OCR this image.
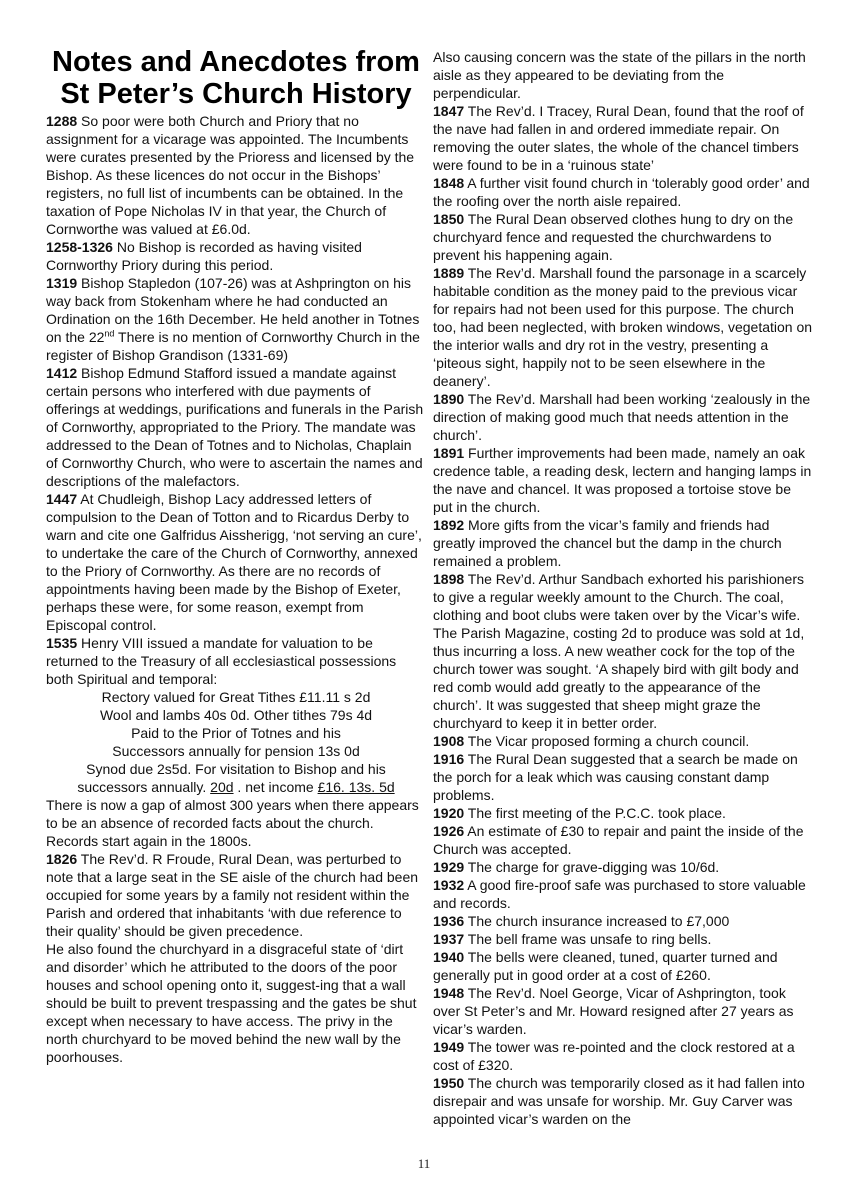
Notes and Anecdotes from
St Peter’s Church History

1288 So poor were both Church and Priory that no assignment for a vicarage was appointed. The Incumbents were curates presented by the Prioress and licensed by the Bishop. As these licences do not occur in the Bishops’ registers, no full list of incumbents can be obtained. In the taxation of Pope Nicholas IV in that year, the Church of Cornworthe was valued at £6.0d.

1258-1326 No Bishop is recorded as having visited Cornworthy Priory during this period.

1319 Bishop Stapledon (107-26) was at Ashprington on his way back from Stokenham where he had conducted an Ordination on the 16th December. He held another in Totnes on the 22nd There is no mention of Cornworthy Church in the register of Bishop Grandison (1331-69)

1412 Bishop Edmund Stafford issued a mandate against certain persons who interfered with due payments of offerings at weddings, purifications and funerals in the Parish of Cornworthy, appropriated to the Priory. The mandate was addressed to the Dean of Totnes and to Nicholas, Chaplain of Cornworthy Church, who were to ascertain the names and descriptions of the malefactors.

1447 At Chudleigh, Bishop Lacy addressed letters of compulsion to the Dean of Totton and to Ricardus Derby to warn and cite one Galfridus Aissherigg, ‘not serving an cure’, to undertake the care of the Church of Cornworthy, annexed to the Priory of Cornworthy. As there are no records of appointments having been made by the Bishop of Exeter, perhaps these were, for some reason, exempt from Episcopal control.

1535 Henry VIII issued a mandate for valuation to be returned to the Treasury of all ecclesiastical possessions both Spiritual and temporal:

Rectory valued for Great Tithes £11.11 s 2d

Wool and lambs 40s 0d. Other tithes 79s 4d

Paid to the Prior of Totnes and his

Successors annually for pension 13s 0d

Synod due 2s5d. For visitation to Bishop and his

successors annually. 20d . net income £16. 13s. 5d

There is now a gap of almost 300 years when there appears to be an absence of recorded facts about the church. Records start again in the 1800s.

1826 The Rev’d. R Froude, Rural Dean, was perturbed to note that a large seat in the SE aisle of the church had been occupied for some years by a family not resident within the Parish and ordered that inhabitants ‘with due reference to their quality’ should be given precedence.

He also found the churchyard in a disgraceful state of ‘dirt and disorder’ which he attributed to the doors of the poor houses and school opening onto it, suggest-ing that a wall should be built to prevent trespassing and the gates be shut except when necessary to have access. The privy in the north churchyard to be moved behind the new wall by the poorhouses.

Also causing concern was the state of the pillars in the north aisle as they appeared to be deviating from the perpendicular.

1847 The Rev’d. I Tracey, Rural Dean, found that the roof of the nave had fallen in and ordered immediate repair. On removing the outer slates, the whole of the chancel timbers were found to be in a ‘ruinous state’

1848 A further visit found church in ‘tolerably good order’ and the roofing over the north aisle repaired.

1850 The Rural Dean observed clothes hung to dry on the churchyard fence and requested the churchwardens to prevent his happening again.

1889 The Rev’d. Marshall found the parsonage in a scarcely habitable condition as the money paid to the previous vicar for repairs had not been used for this purpose. The church too, had been neglected, with broken windows, vegetation on the interior walls and dry rot in the vestry, presenting a ‘piteous sight, happily not to be seen elsewhere in the deanery’.

1890 The Rev’d. Marshall had been working ‘zealously in the direction of making good much that needs attention in the church’.

1891 Further improvements had been made, namely an oak credence table, a reading desk, lectern and hanging lamps in the nave and chancel. It was proposed a tortoise stove be put in the church.

1892 More gifts from the vicar’s family and friends had greatly improved the chancel but the damp in the church remained a problem.

1898 The Rev’d. Arthur Sandbach exhorted his parishioners to give a regular weekly amount to the Church. The coal, clothing and boot clubs were taken over by the Vicar’s wife. The Parish Magazine, costing 2d to produce was sold at 1d, thus incurring a loss. A new weather cock for the top of the church tower was sought. ‘A shapely bird with gilt body and red comb would add greatly to the appearance of the church’. It was suggested that sheep might graze the churchyard to keep it in better order.

1908 The Vicar proposed forming a church council.

1916 The Rural Dean suggested that a search be made on the porch for a leak which was causing constant damp problems.

1920 The first meeting of the P.C.C. took place.

1926 An estimate of £30 to repair and paint the inside of the Church was accepted.

1929 The charge for grave-digging was 10/6d.

1932 A good fire-proof safe was purchased to store valuable and records.

1936 The church insurance increased to £7,000

1937 The bell frame was unsafe to ring bells.

1940 The bells were cleaned, tuned, quarter turned and generally put in good order at a cost of £260.

1948 The Rev’d. Noel George, Vicar of Ashprington, took over St Peter’s and Mr. Howard resigned after 27 years as vicar’s warden.

1949 The tower was re-pointed and the clock restored at a cost of £320.

1950 The church was temporarily closed as it had fallen into disrepair and was unsafe for worship. Mr. Guy Carver was appointed vicar’s warden on the

11
